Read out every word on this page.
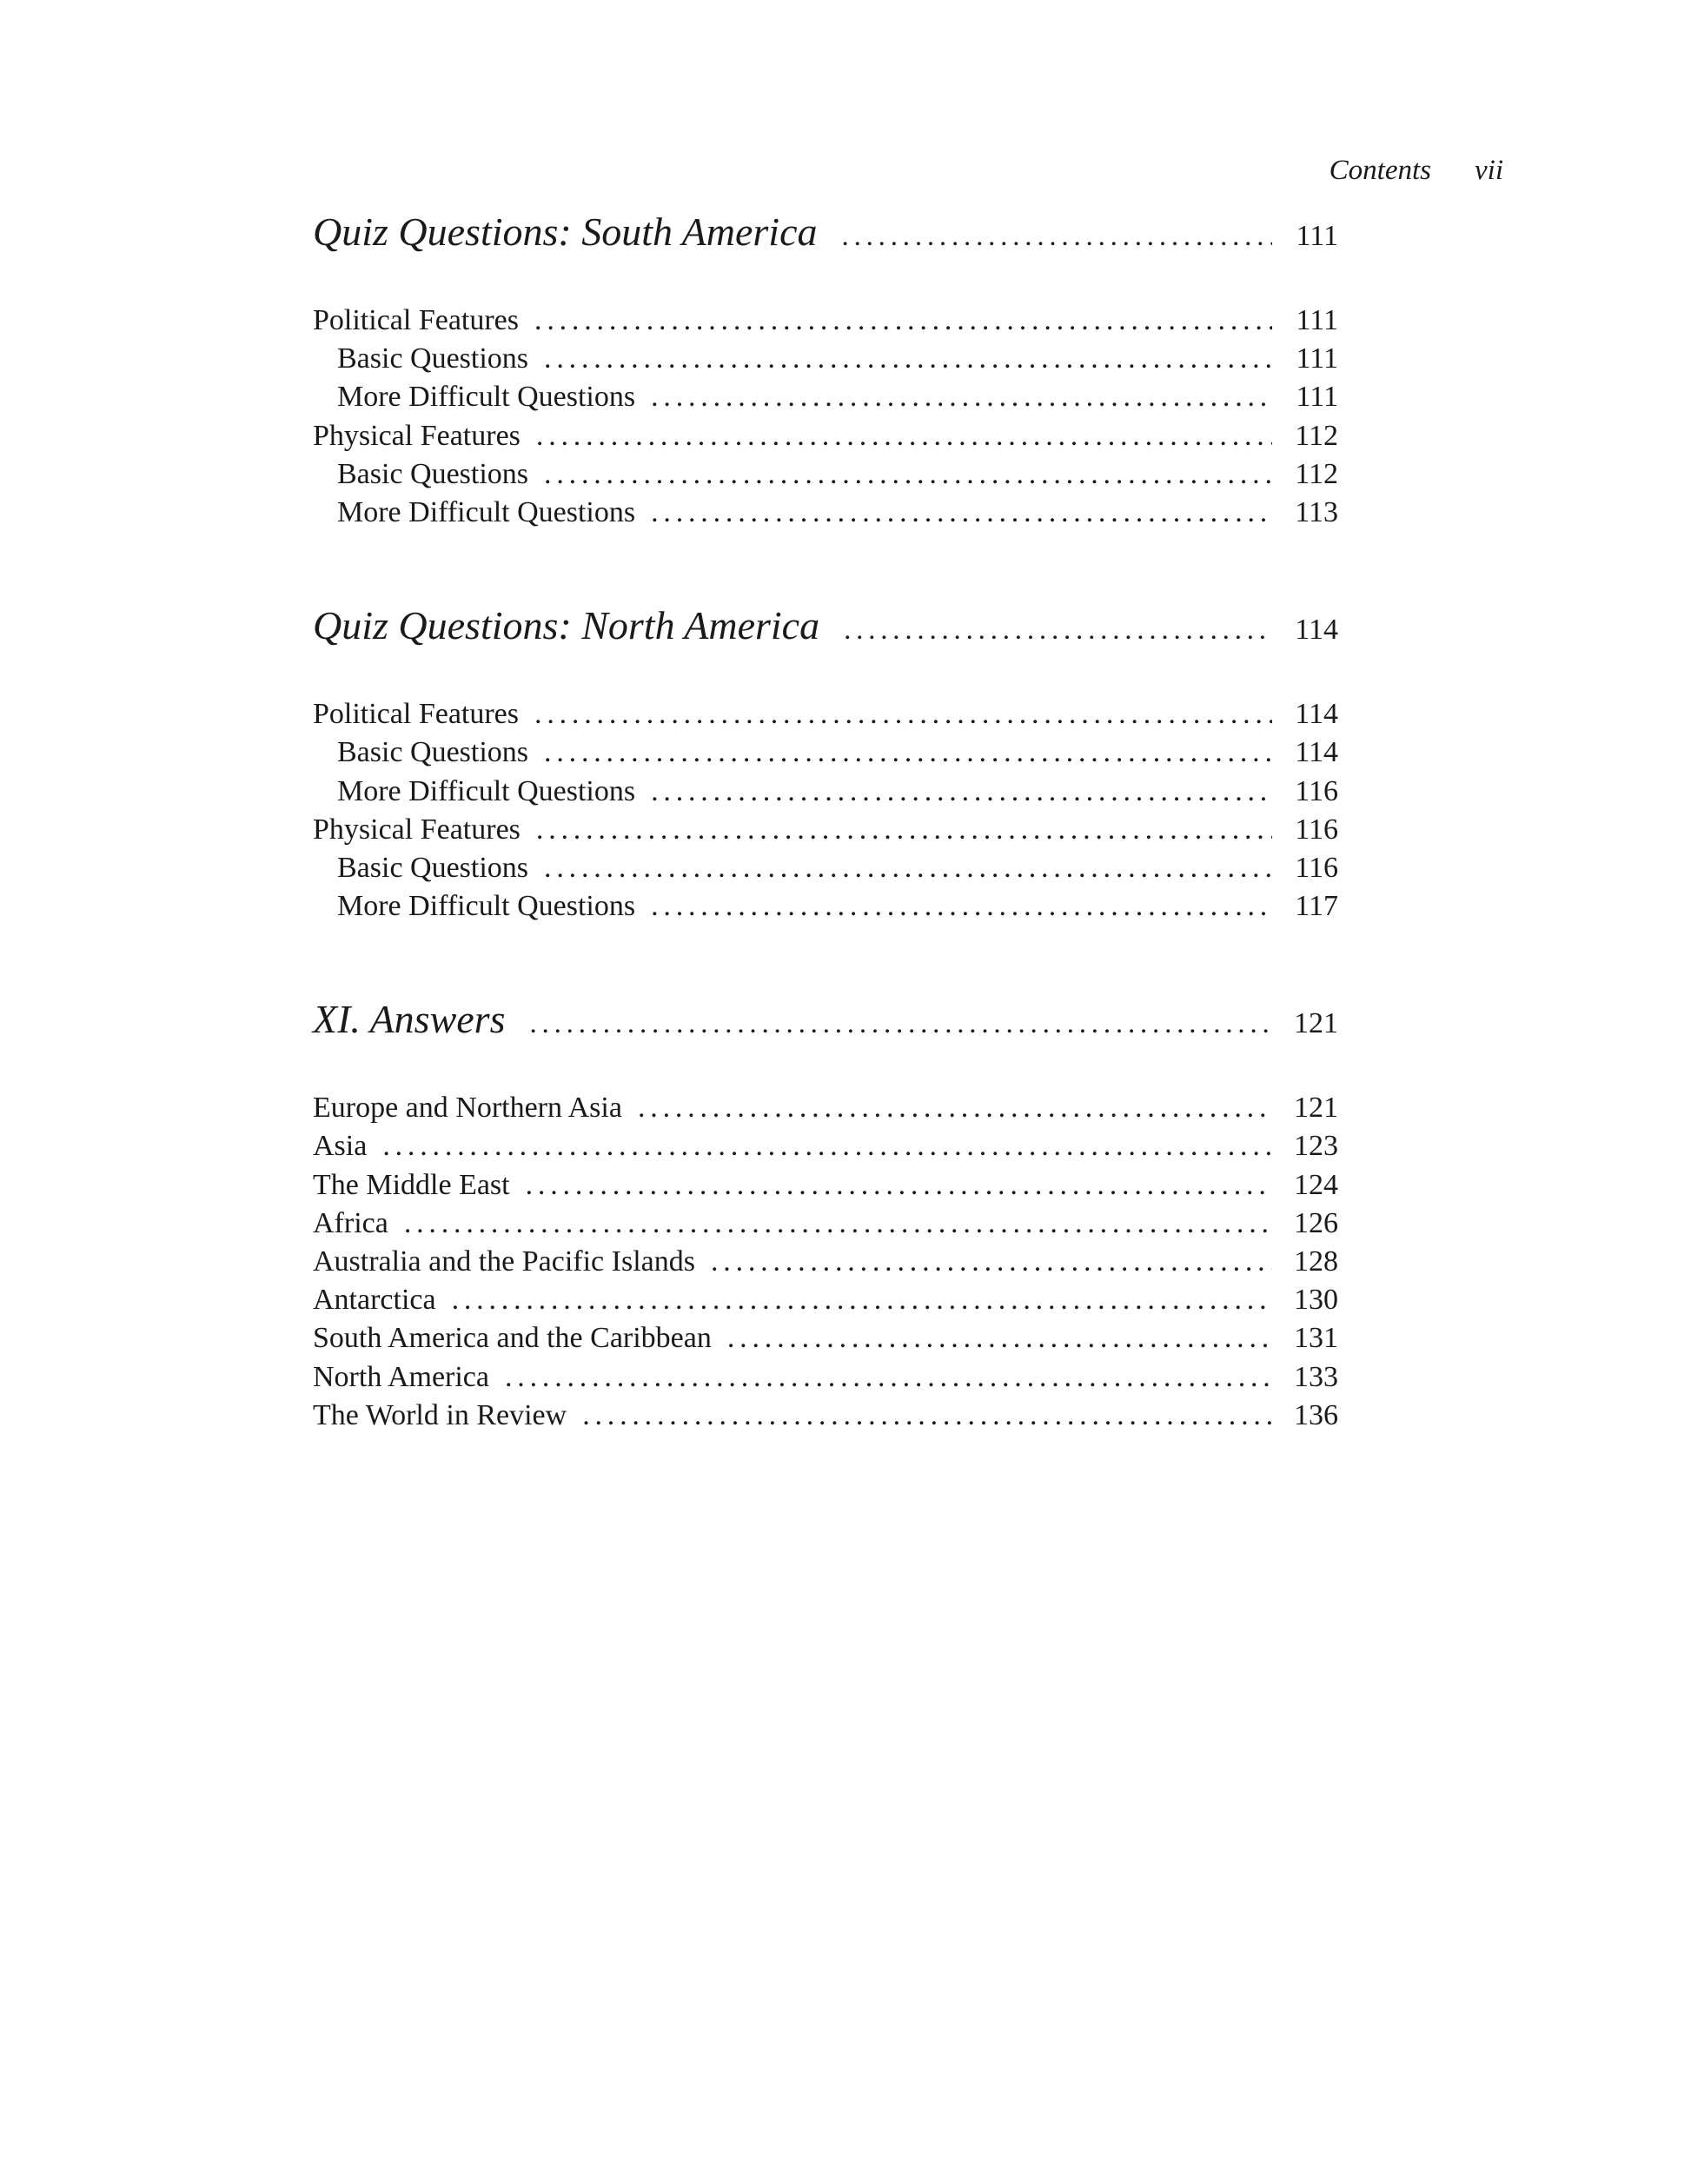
Contents vii
Quiz Questions: South America .....	111
Political Features .....	111
Basic Questions .....	111
More Difficult Questions .....	111
Physical Features .....	112
Basic Questions .....	112
More Difficult Questions .....	113
Quiz Questions: North America .....	114
Political Features .....	114
Basic Questions .....	114
More Difficult Questions .....	116
Physical Features .....	116
Basic Questions .....	116
More Difficult Questions .....	117
XI. Answers .....	121
Europe and Northern Asia .....	121
Asia .....	123
The Middle East .....	124
Africa .....	126
Australia and the Pacific Islands .....	128
Antarctica .....	130
South America and the Caribbean .....	131
North America .....	133
The World in Review .....	136
